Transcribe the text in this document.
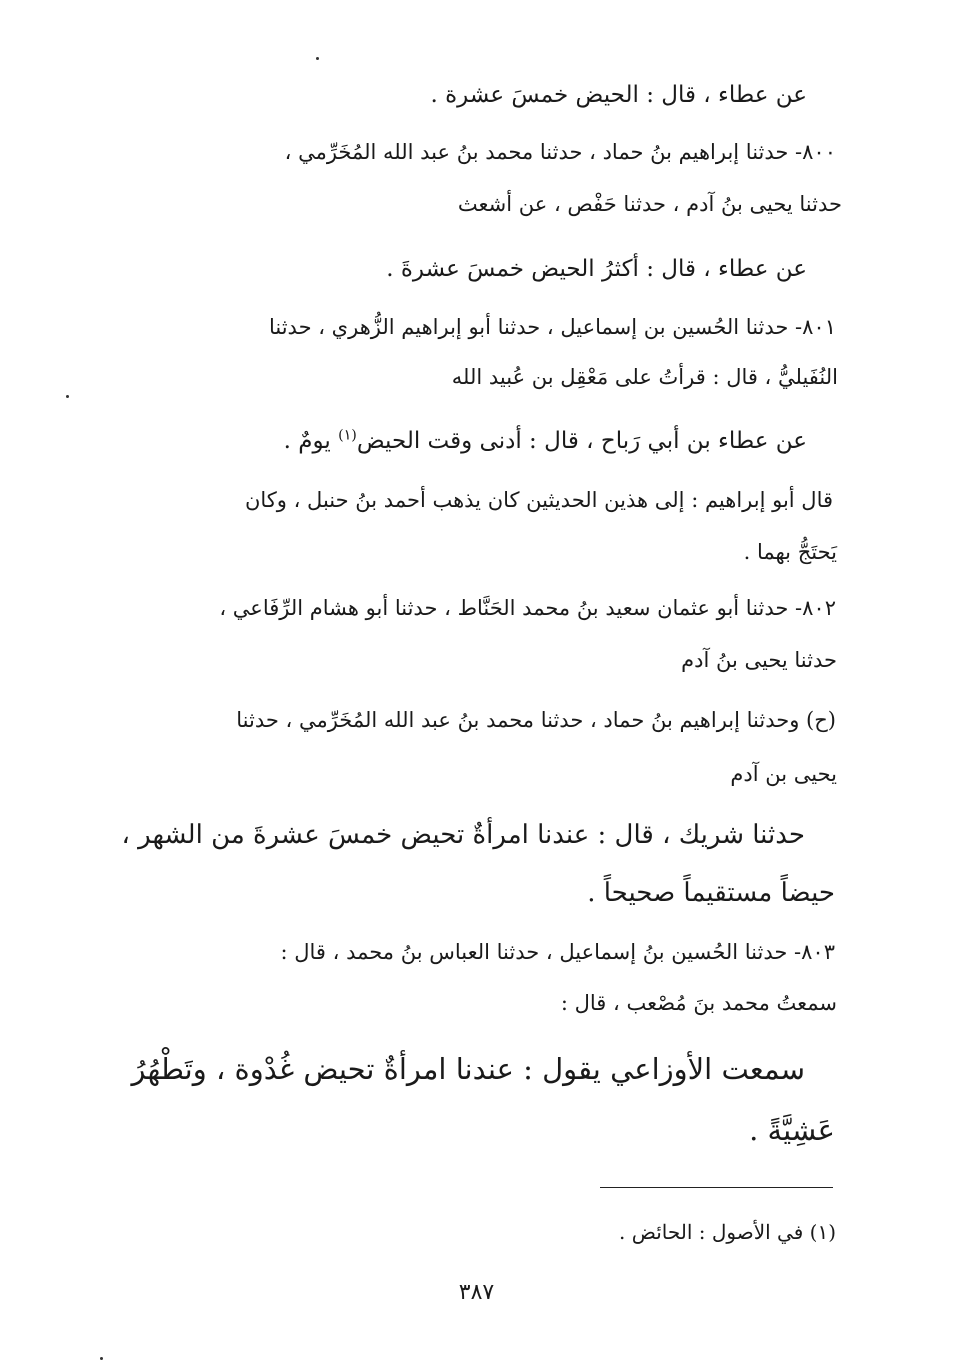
عن عطاء ، قال : الحيض خمسَ عشرة .
٨٠٠- حدثنا إبراهيم بنُ حماد ، حدثنا محمد بنُ عبد الله المُخَرِّمي ،
حدثنا يحيى بنُ آدم ، حدثنا حَفْص ، عن أشعث
عن عطاء ، قال : أكثرُ الحيض خمسَ عشرةَ .
٨٠١- حدثنا الحُسين بن إسماعيل ، حدثنا أبو إبراهيم الزُّهري ، حدثنا
النُفَيليُّ ، قال : قرأتُ على مَعْقِل بن عُبيد الله
عن عطاء بن أبي رَباح ، قال : أدنى وقت الحيض$^{(١)}$ يومٌ .
قال أبو إبراهيم : إلى هذين الحديثين كان يذهب أحمد بنُ حنبل ، وكان
يَحتَجُّ بهما .
٨٠٢- حدثنا أبو عثمان سعيد بنُ محمد الحَنَّاط ، حدثنا أبو هشام الرِّفَاعي ،
حدثنا يحيى بنُ آدم
(ح) وحدثنا إبراهيم بنُ حماد ، حدثنا محمد بنُ عبد الله المُخَرِّمي ، حدثنا
يحيى بن آدم
حدثنا شريك ، قال : عندنا امرأةٌ تحيض خمسَ عشرةَ من الشهر ،
حيضاً مستقيماً صحيحاً .
٨٠٣- حدثنا الحُسين بنُ إسماعيل ، حدثنا العباس بنُ محمد ، قال :
سمعتُ محمد بنَ مُصْعب ، قال :
سمعت الأوزاعي يقول : عندنا امرأةٌ تحيض غُدْوة ، وتَطْهُرُ
عَشِيَّةً .
(١) في الأصول : الحائض .
٣٨٧
